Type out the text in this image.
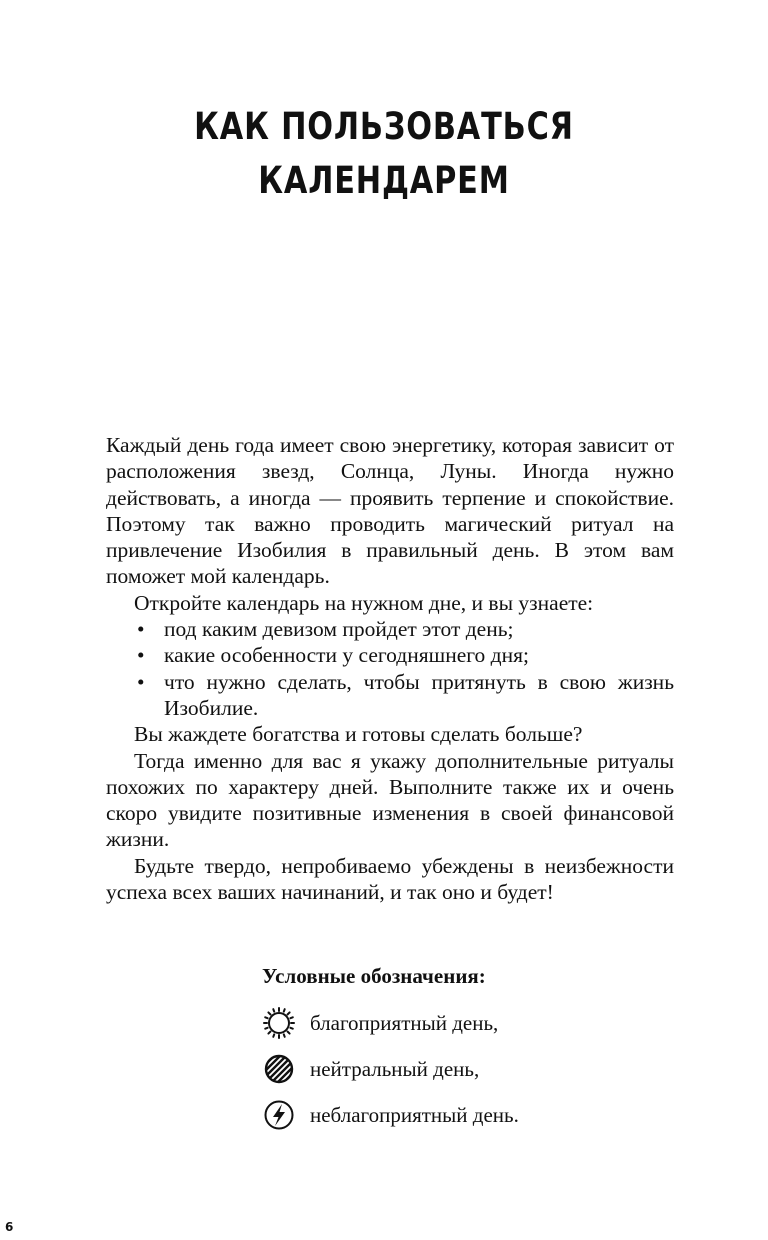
КАК ПОЛЬЗОВАТЬСЯ
КАЛЕНДАРЕМ

Каждый день года имеет свою энергетику, которая зависит от расположения звезд, Солнца, Луны. Иногда нужно действовать, а иногда — проявить терпение и спокойствие. Поэтому так важно проводить магический ритуал на привлечение Изобилия в правильный день. В этом вам поможет мой календарь.

Откройте календарь на нужном дне, и вы узнаете:

• под каким девизом пройдет этот день;
• какие особенности у сегодняшнего дня;
• что нужно сделать, чтобы притянуть в свою жизнь Изобилие.

Вы жаждете богатства и готовы сделать больше?

Тогда именно для вас я укажу дополнительные ритуалы похожих по характеру дней. Выполните также их и очень скоро увидите позитивные изменения в своей финансовой жизни.

Будьте твердо, непробиваемо убеждены в неизбежности успеха всех ваших начинаний, и так оно и будет!

Условные обозначения:
благоприятный день,
нейтральный день,
неблагоприятный день.
6
